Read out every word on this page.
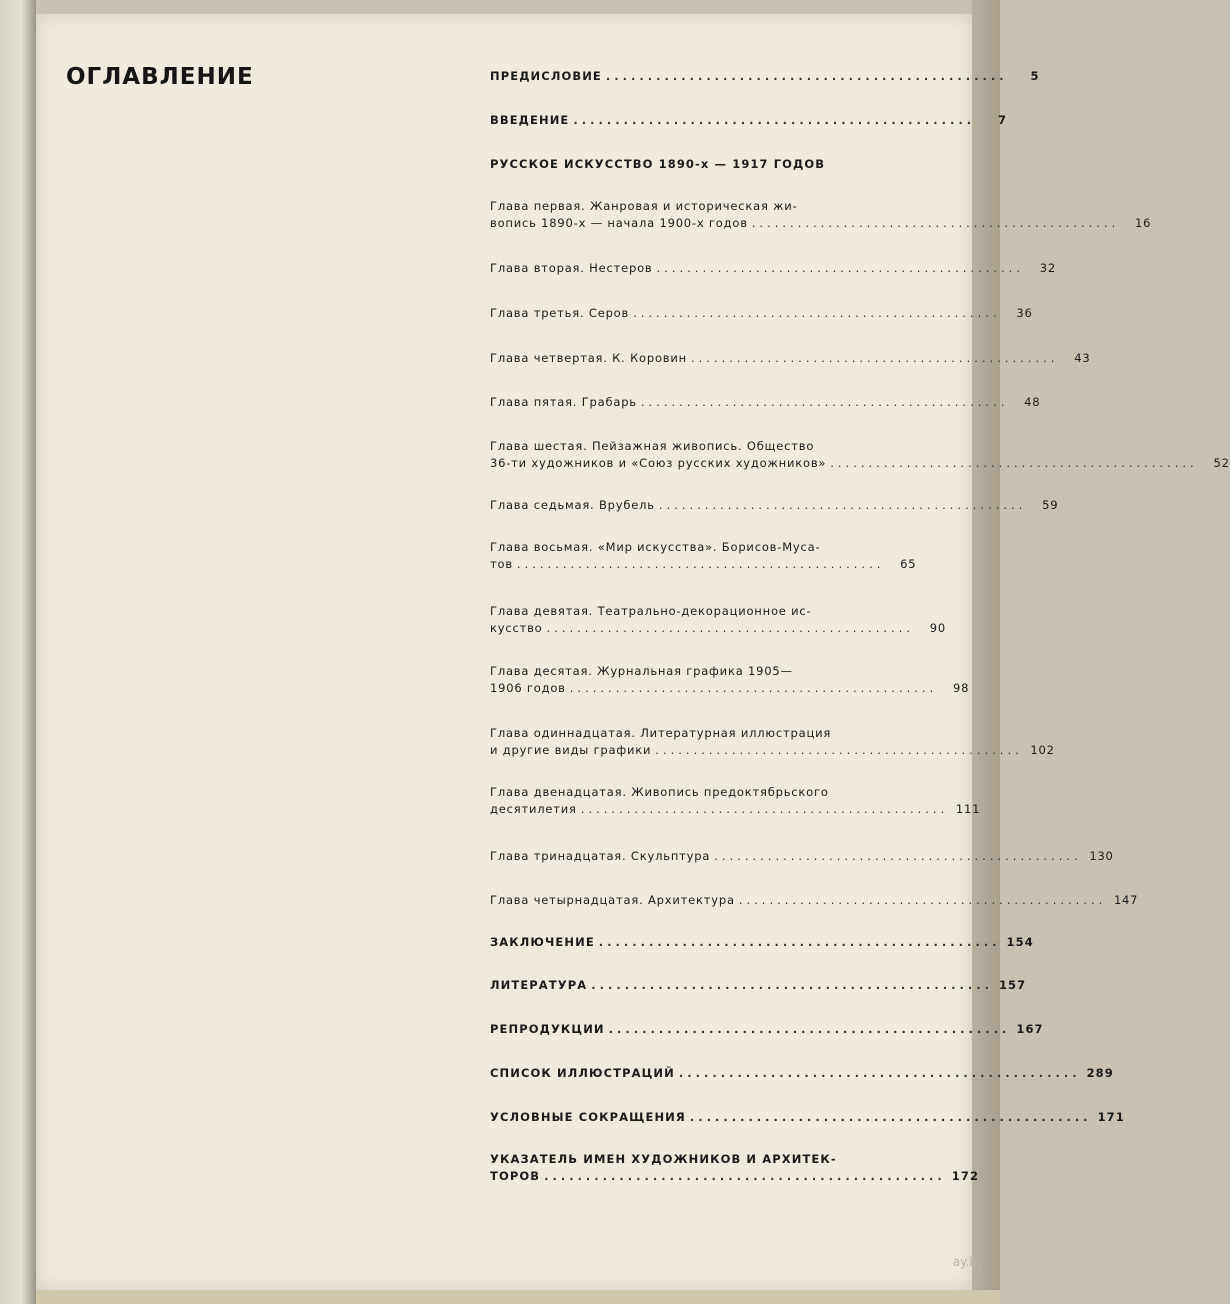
ОГЛАВЛЕНИЕ	ПРЕДИСЛОВИЕ ................................................	5
ВВЕДЕНИЕ ................................................	7
РУССКОЕ ИСКУССТВО 1890-х — 1917 ГОДОВ
Глава первая. Жанровая и историческая жи-
вопись 1890-х — начала 1900-х годов ................................................	16
Глава вторая. Нестеров ................................................	32
Глава третья. Серов ................................................	36
Глава четвертая. К. Коровин ................................................	43
Глава пятая. Грабарь ................................................	48
Глава шестая. Пейзажная живопись. Общество
36-ти художников и «Союз русских художников» ................................................	52
Глава седьмая. Врубель ................................................	59
Глава восьмая. «Мир искусства». Борисов-Муса-
тов ................................................	65
Глава девятая. Театрально-декорационное ис-
кусство ................................................	90
Глава десятая. Журнальная графика 1905—
1906 годов ................................................	98
Глава одиннадцатая. Литературная иллюстрация
и другие виды графики ................................................ 102
Глава двенадцатая. Живопись предоктябрьского
десятилетия ................................................ 111
Глава тринадцатая. Скульптура ................................................ 130
Глава четырнадцатая. Архитектура ................................................ 147
ЗАКЛЮЧЕНИЕ ................................................ 154
ЛИТЕРАТУРА ................................................ 157
РЕПРОДУКЦИИ ................................................ 167
СПИСОК ИЛЛЮСТРАЦИЙ ................................................ 289
УСЛОВНЫЕ СОКРАЩЕНИЯ ................................................ 171
УКАЗАТЕЛЬ ИМЕН ХУДОЖНИКОВ И АРХИТЕК-
ТОРОВ ................................................ 172
ay.by
